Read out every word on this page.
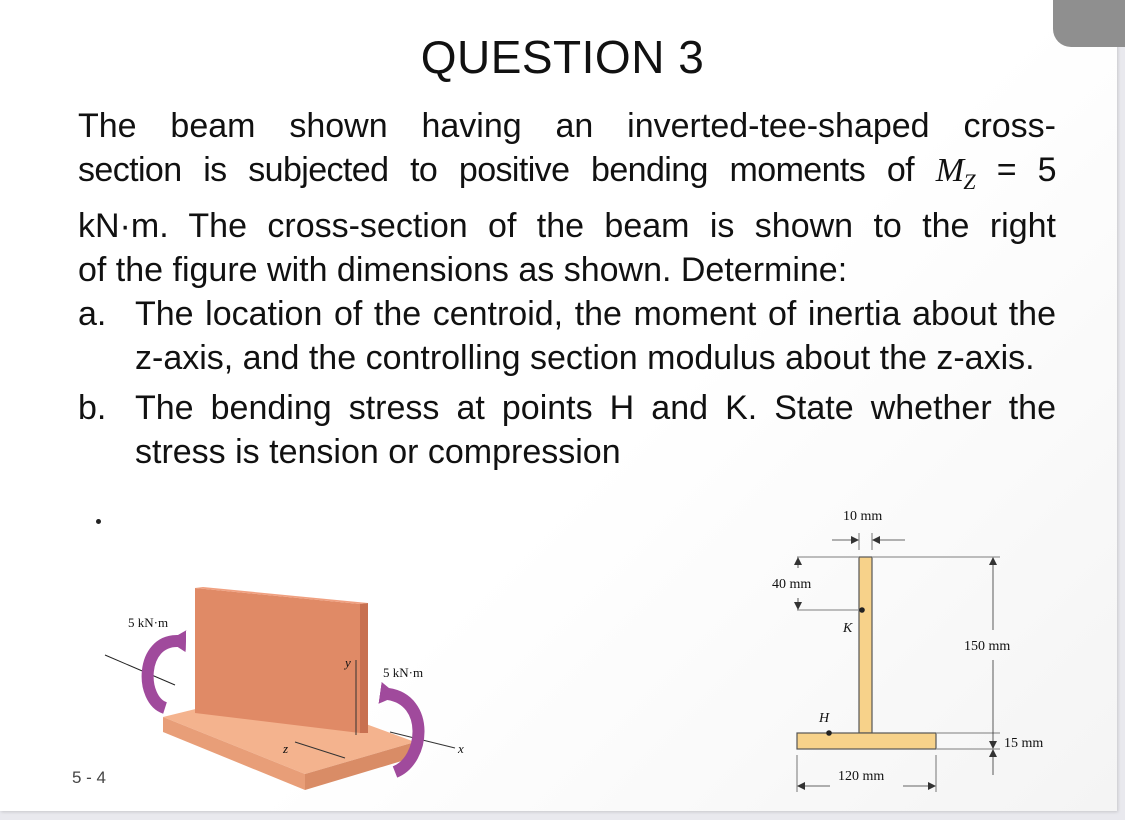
QUESTION 3

The beam shown having an inverted-tee-shaped cross-

section is subjected to positive bending moments of $M_Z = 5$

kN·m. The cross-section of the beam is shown to the right

of the figure with dimensions as shown. Determine:

a. The location of the centroid, the moment of inertia about the z-axis, and the controlling section modulus about the z-axis.
b. The bending stress at points H and K. State whether the stress is tension or compression
y
z	x
5 kN·m
5 kN·m
10 mm
40 mm
K
H
150 mm
15 mm
120 mm
5 - 4
